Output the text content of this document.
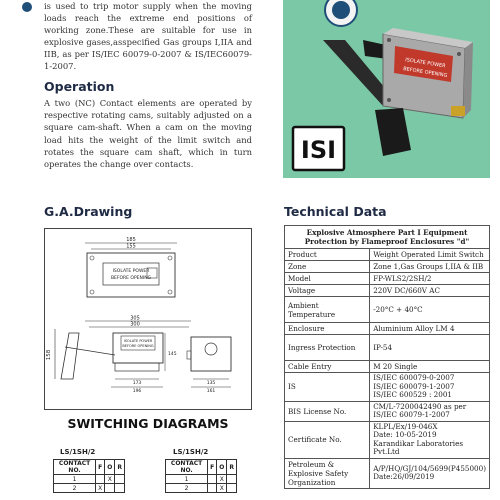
is used to trip motor supply when the moving loads reach the extreme end positions of working zone.These are suitable for use in explosive gases,asspecified Gas groups I,IIA and IIB, as per IS/IEC 60079-0-2007 & IS/IEC60079-1-2007.

Operation

A two (NC) Contact elements are operated by respective rotating cams, suitably adjusted on a square cam-shaft. When a cam on the moving load hits the weight of the limit switch and rotates the square cam shaft, which in turn operates the change over contacts.

ISOLATE POWER
BEFORE OPENING
ISI
G.A.Drawing	Technical Data
185
155
ISOLATE POWER
BEFORE OPENING
305
300
158
ISOLATE POWER
BEFORE OPENING
145
173
196
135
161
SWITCHING DIAGRAMS
LS/1SH/2
CONTACT NO.	F	O	R
1		X	
2	X		
LS/1SH/2
CONTACT NO.	F	O	R
1		X	
2		X	
Explosive Atmosphere Part I Equipment Protection by Flameproof Enclosures "d"	
Product	Weight Operated Limit Switch
Zone	Zone 1,Gas Groups I,IIA & IIB
Model	FP-WLS2/2SH/2
Voltage	220V DC/660V AC
Ambient Temperature	-20°C + 40°C
Enclosure	Aluminium Alloy LM 4
Ingress Protection	IP-54
Cable Entry	M 20 Single
IS	IS/IEC 600079-0-2007
IS/IEC 600079-1-2007
IS/IEC 600529 : 2001
BIS License No.	CM/L-7200042490 as per
IS/IEC 60079-1-2007
Certificate No.	KLPL/Ex/19-046X
Date: 10-05-2019
Karandikar Laboratories Pvt.Ltd
Petroleum & Explosive Safety Organization	A/P/HQ/GJ/104/5699(P455000)
Date:26/09/2019
